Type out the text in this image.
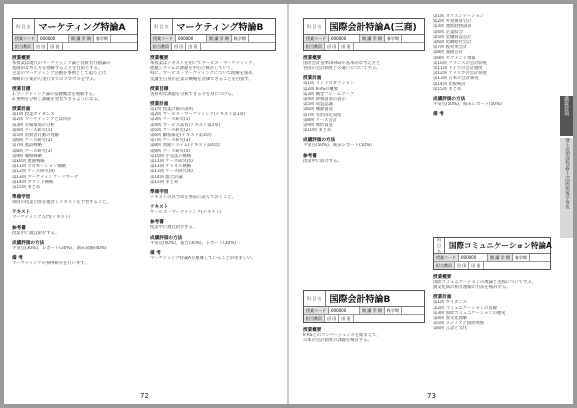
科 目 名 マーケティング特論A
授業コード	000000	開 講 学 期	春学期
担当教員	田 田	田 田
授業概要
本授業は現代のマーケティング論と消費者行動論の
基礎的な考え方を理解することを目的とする。
企業のマーケティング活動を事例として取り上げ、
戦略の立案から実行までのプロセスを学ぶ。
授業目標
1.マーケティング論の基礎概念を理解する。
2.事例を分析し課題を発見できるようになる。
授業計画
第1回 授業ガイダンス
第2回 マーケティングとは何か
第3回 市場環境の分析
第4回 ケース研究(1)
第5回 消費者行動の理解
第6回 ケース研究(2)
第7回 製品戦略
第8回 ケース研究(3)
第9回 価格戦略
第10回 流通戦略
第11回 プロモーション戦略
第12回 ケース研究(4)
第13回 マーケティング・リサーチ
第14回 ブランド戦略
第15回 まとめ
準備学習
毎回の授業内容を復習しテキストを予習すること。
テキスト
マーケティング入門(テキスト)
参考書
授業中に適宜紹介する。
成績評価の方法
平常点(30%)、レポート(30%)、期末試験(40%)
備 考
マーケティングの事例研究を行います。
科 目 名 マーケティング特論B
授業コード	000000	開 講 学 期	秋学期
担当教員	田 田	田 田
授業概要
本授業はテキストを用いてサービス・マーケティング、
流通システムの課題を中心に検討していく。
特に、サービス・マーケティングについて理解を深め、
受講生自身が企業の戦略を評価できることを目指す。
授業目標
実務的な課題を分析できる力を身につける。
授業計画
第1回 授業計画の説明
第2回 サービス・マーケティング(テキスト第1章)
第3回 ケース研究(1)
第4回 サービス品質(テキスト第2章)
第5回 ケース研究(2)
第6回 顧客満足(テキスト第3章)
第7回 ケース研究(3)
第8回 流通システム(テキスト第4章)
第9回 ケース研究(4)
第10回 小売業の戦略
第11回 ケース研究(5)
第12回 チャネル戦略
第13回 ケース研究(6)
第14回 総合討論
第15回 まとめ
準備学習
テキストの該当章を事前に読んでおくこと。
テキスト
サービス・マーケティング(テキスト)
参考書
授業中に適宜紹介する。
成績評価の方法
平常点(40%)、報告(30%)、レポート(30%)
備 考
マーケティング特論Aを履修していることが望ましい。
72
科 目 名 国際会計特論A(三商)
授業コード	000000	開 講 学 期	春学期
担当教員	田 田	田 田
授業概要
国際会計基準(IFRS)の基本的な考え方と
各国の会計制度との違いについて学ぶ。
授業計画
第1回 イントロダクション
第2回 IFRSの概要
第3回 概念フレームワーク
第4回 財務諸表の表示
第5回 収益認識
第6回 棚卸資産
第7回 有形固定資産
第8回 リース会計
第9回 無形資産
第10回 まとめ
成績評価の方法
平常点(50%)、期末レポート(50%)
参考書
授業中に紹介する。
科 目 名 国際会計特論B
授業コード	000000	開 講 学 期	秋学期
担当教員	田 田	田 田
授業概要
IFRSとのコンバージェンスを踏まえて、
日本の会計制度の課題を検討する。
第1回 オリエンテーション
第2回 外貨換算会計
第3回 連結財務諸表
第4回 企業結合
第5回 金融商品会計
第6回 退職給付会計
第7回 税効果会計
第8回 減損会計
第9回 セグメント情報
第10回 フランスの会計制度
第11回 ドイツの会計制度
第12回 アメリカの会計制度
第13回 日本の会計制度
第14回 比較検討
第15回 まとめ
成績評価の方法
平常点(50%)、期末レポート(50%)
備 考
科 目 名
国際コミュニケーション特論A
授業コード	000000	開 講 学 期	春学期
担当教員	田 田	田 田
授業概要
国際コミュニケーションの理論と実践について学ぶ。
異文化間の相互理解の方法を検討する。
授業計画
第1回 ガイダンス
第2回 コミュニケーションの基礎
第3回 国際コミュニケーションの歴史
第4回 異文化理解
第5回 メディアと国際関係
第6回 言語と文化
講義要項
博士前期課程(修士)国際関係学専攻
73
